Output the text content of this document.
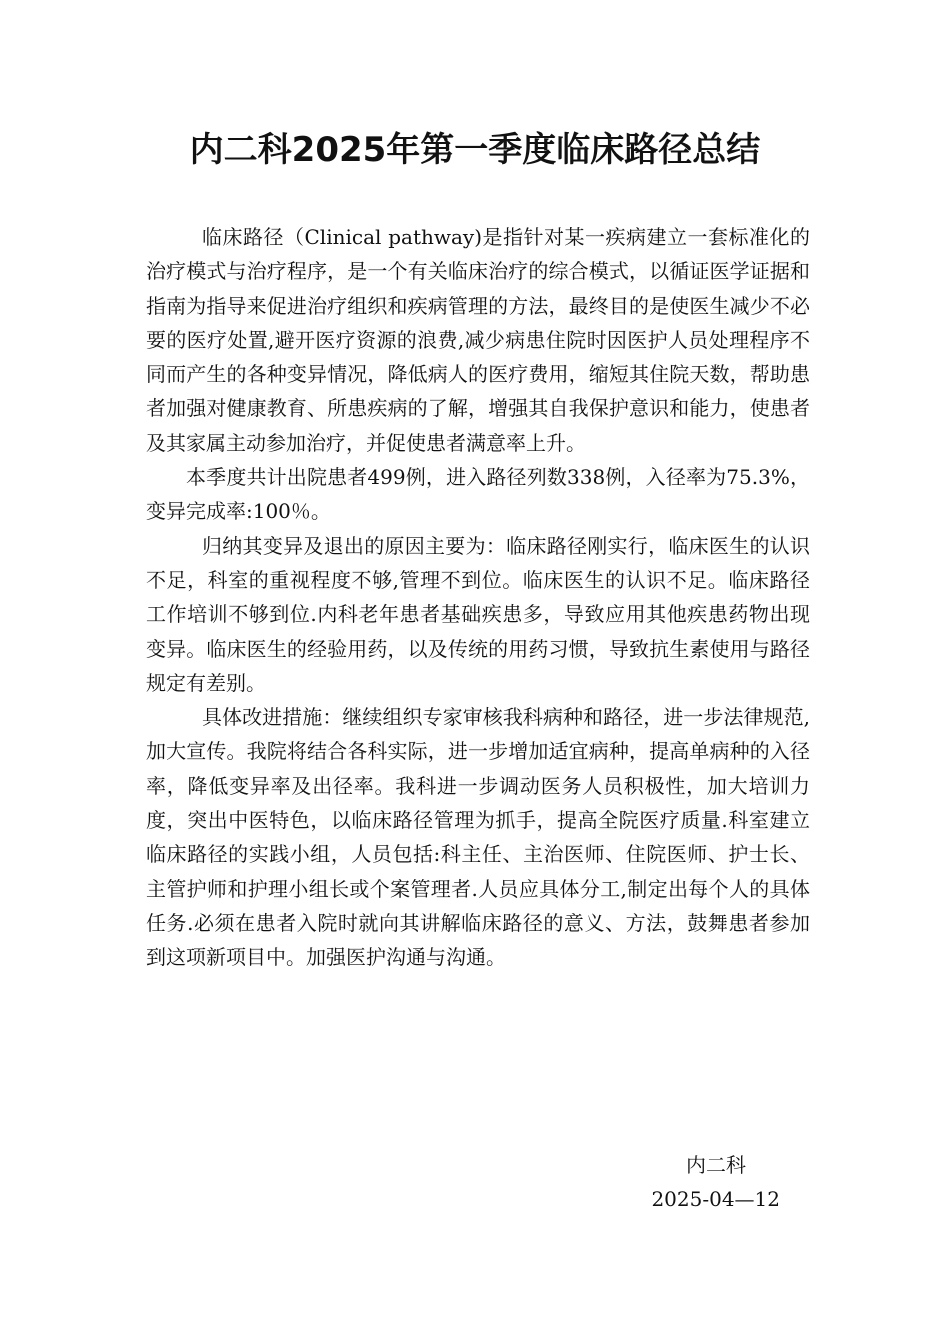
内二科2025年第一季度临床路径总结

临床路径（Clinical pathway)是指针对某一疾病建立一套标准化的治疗模式与治疗程序，是一个有关临床治疗的综合模式，以循证医学证据和指南为指导来促进治疗组织和疾病管理的方法，最终目的是使医生减少不必要的医疗处置,避开医疗资源的浪费,减少病患住院时因医护人员处理程序不同而产生的各种变异情况，降低病人的医疗费用，缩短其住院天数，帮助患者加强对健康教育、所患疾病的了解，增强其自我保护意识和能力，使患者及其家属主动参加治疗，并促使患者满意率上升。

本季度共计出院患者499例，进入路径列数338例，入径率为75.3%，变异完成率:100％。

归纳其变异及退出的原因主要为：临床路径刚实行，临床医生的认识不足，科室的重视程度不够,管理不到位。临床医生的认识不足。临床路径工作培训不够到位.内科老年患者基础疾患多，导致应用其他疾患药物出现变异。临床医生的经验用药，以及传统的用药习惯，导致抗生素使用与路径规定有差别。

具体改进措施：继续组织专家审核我科病种和路径，进一步法律规范,加大宣传。我院将结合各科实际，进一步增加适宜病种，提高单病种的入径率，降低变异率及出径率。我科进一步调动医务人员积极性，加大培训力度，突出中医特色，以临床路径管理为抓手，提高全院医疗质量.科室建立临床路径的实践小组，人员包括:科主任、主治医师、住院医师、护士长、主管护师和护理小组长或个案管理者.人员应具体分工,制定出每个人的具体任务.必须在患者入院时就向其讲解临床路径的意义、方法，鼓舞患者参加到这项新项目中。加强医护沟通与沟通。

内二科
2025-04—12
